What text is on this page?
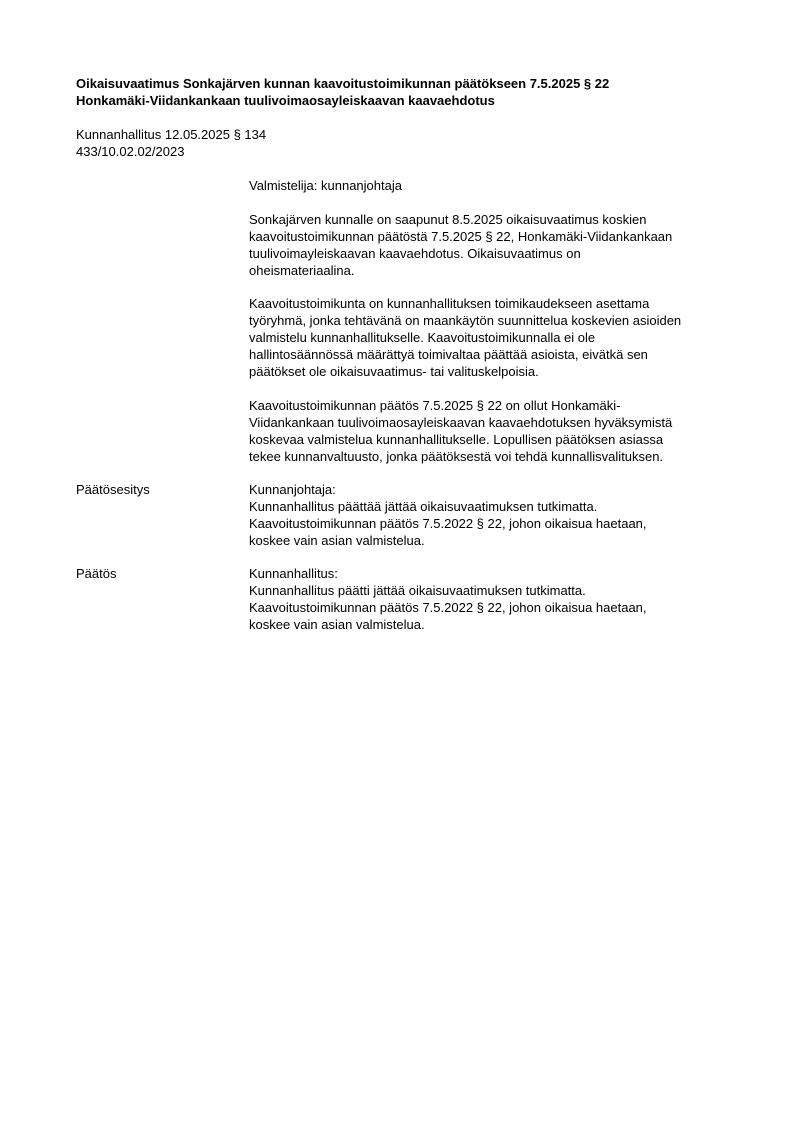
Oikaisuvaatimus Sonkajärven kunnan kaavoitustoimikunnan päätökseen 7.5.2025 § 22
Honkamäki-Viidankankaan tuulivoimaosayleiskaavan kaavaehdotus
Kunnanhallitus 12.05.2025 § 134
433/10.02.02/2023
Valmistelija: kunnanjohtaja
Sonkajärven kunnalle on saapunut 8.5.2025 oikaisuvaatimus koskien
kaavoitustoimikunnan päätöstä 7.5.2025 § 22, Honkamäki-Viidankankaan
tuulivoimayleiskaavan kaavaehdotus. Oikaisuvaatimus on
oheismateriaalina.
Kaavoitustoimikunta on kunnanhallituksen toimikaudekseen asettama
työryhmä, jonka tehtävänä on maankäytön suunnittelua koskevien asioiden
valmistelu kunnanhallitukselle. Kaavoitustoimikunnalla ei ole
hallintosäännössä määrättyä toimivaltaa päättää asioista, eivätkä sen
päätökset ole oikaisuvaatimus- tai valituskelpoisia.
Kaavoitustoimikunnan päätös 7.5.2025 § 22 on ollut Honkamäki-
Viidankankaan tuulivoimaosayleiskaavan kaavaehdotuksen hyväksymistä
koskevaa valmistelua kunnanhallitukselle. Lopullisen päätöksen asiassa
tekee kunnanvaltuusto, jonka päätöksestä voi tehdä kunnallisvalituksen.
Päätösesitys	Kunnanjohtaja:
Kunnanhallitus päättää jättää oikaisuvaatimuksen tutkimatta.
Kaavoitustoimikunnan päätös 7.5.2022 § 22, johon oikaisua haetaan,
koskee vain asian valmistelua.
Päätös	Kunnanhallitus:
Kunnanhallitus päätti jättää oikaisuvaatimuksen tutkimatta.
Kaavoitustoimikunnan päätös 7.5.2022 § 22, johon oikaisua haetaan,
koskee vain asian valmistelua.
